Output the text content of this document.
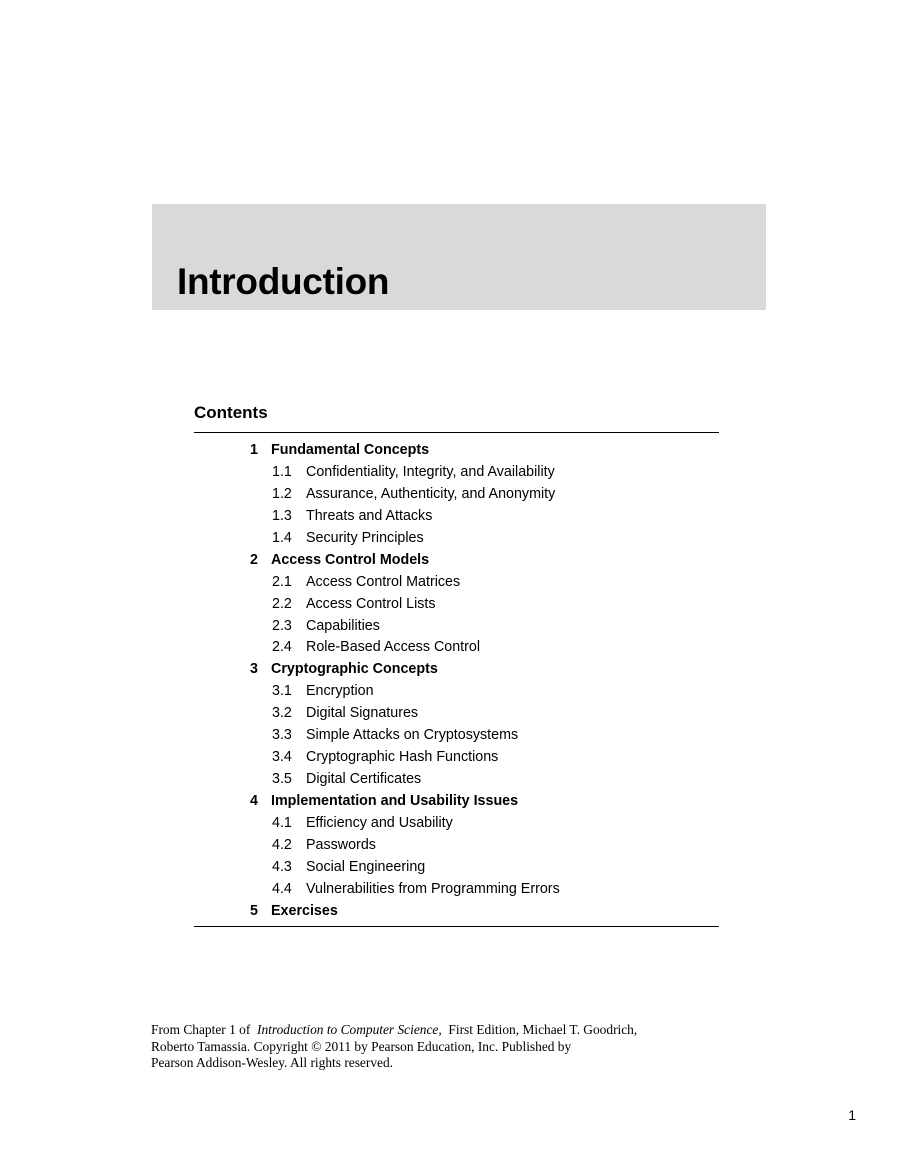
Introduction
Contents
1 Fundamental Concepts
1.1 Confidentiality, Integrity, and Availability
1.2 Assurance, Authenticity, and Anonymity
1.3 Threats and Attacks
1.4 Security Principles
2 Access Control Models
2.1 Access Control Matrices
2.2 Access Control Lists
2.3 Capabilities
2.4 Role-Based Access Control
3 Cryptographic Concepts
3.1 Encryption
3.2 Digital Signatures
3.3 Simple Attacks on Cryptosystems
3.4 Cryptographic Hash Functions
3.5 Digital Certificates
4 Implementation and Usability Issues
4.1 Efficiency and Usability
4.2 Passwords
4.3 Social Engineering
4.4 Vulnerabilities from Programming Errors
5 Exercises

From Chapter 1 of Introduction to Computer Science, First Edition, Michael T. Goodrich,

Roberto Tamassia. Copyright © 2011 by Pearson Education, Inc. Published by

Pearson Addison-Wesley. All rights reserved.

1
